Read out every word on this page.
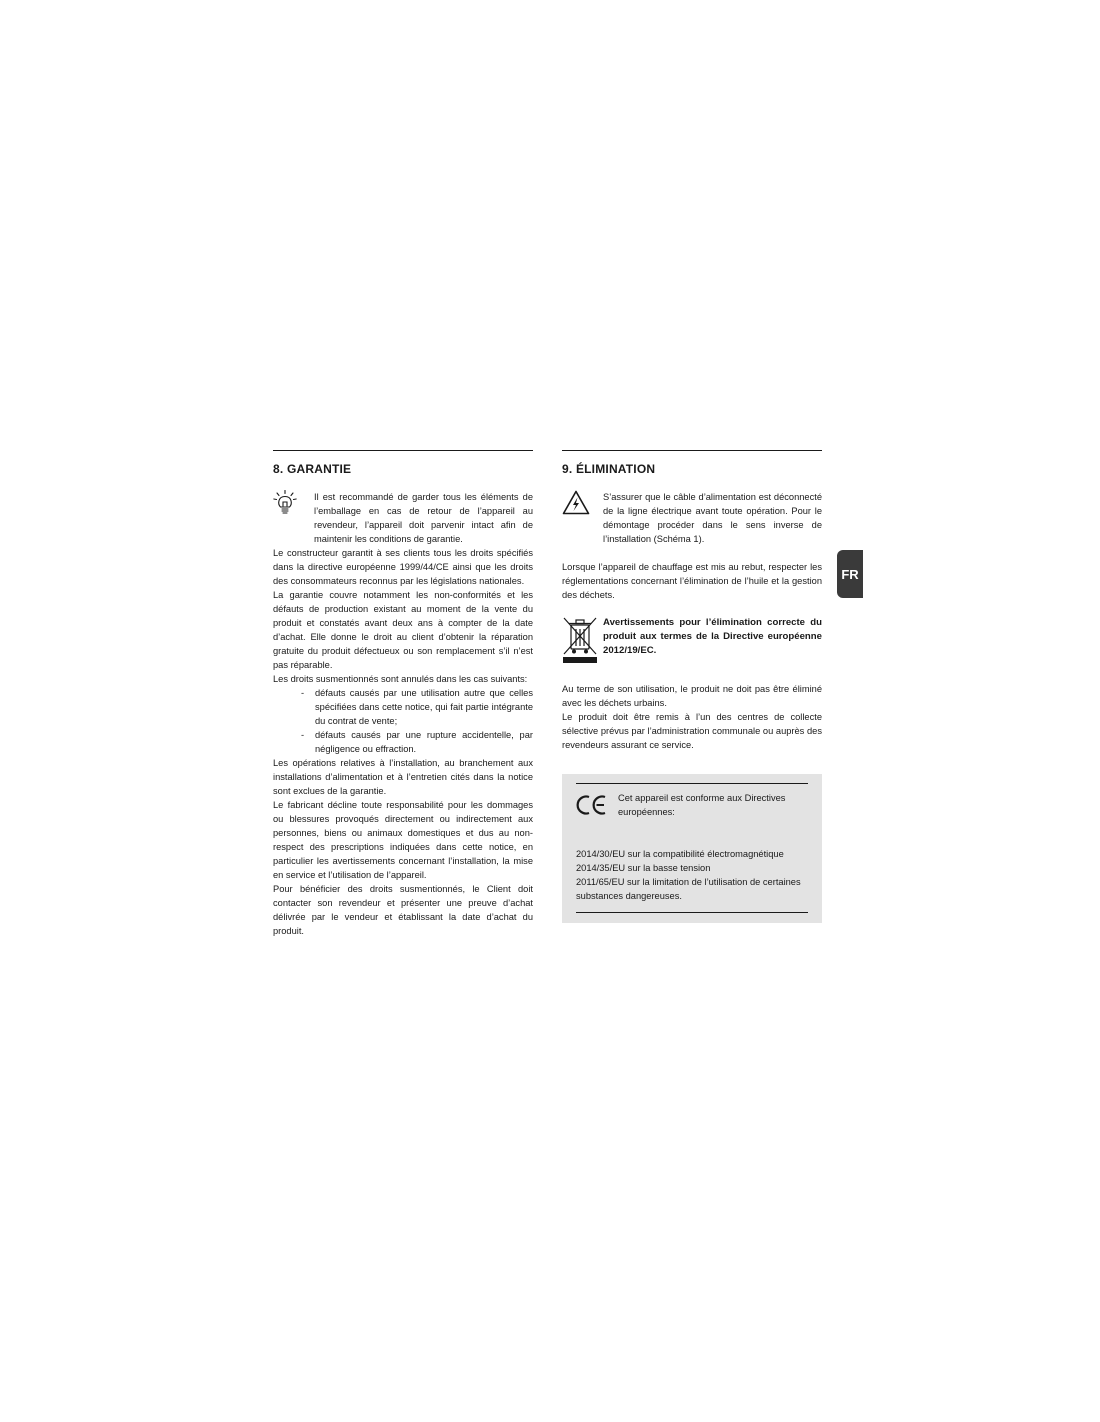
8. GARANTIE

Il est recommandé de garder tous les éléments de l’emballage en cas de retour de l’appareil au revendeur, l’appareil doit parvenir intact afin de maintenir les conditions de garantie.

Le constructeur garantit à ses clients tous les droits spécifiés dans la directive européenne 1999/44/CE ainsi que les droits des consommateurs reconnus par les législations nationales.

La garantie couvre notamment les non-conformités et les défauts de production existant au moment de la vente du produit et constatés avant deux ans à compter de la date d’achat. Elle donne le droit au client d’obtenir la réparation gratuite du produit défectueux ou son remplacement s’il n’est pas réparable.

Les droits susmentionnés sont annulés dans les cas suivants:

- défauts causés par une utilisation autre que celles spécifiées dans cette notice, qui fait partie intégrante du contrat de vente;
- défauts causés par une rupture accidentelle, par négligence ou effraction.

Les opérations relatives à l’installation, au branchement aux installations d’alimentation et à l’entretien cités dans la notice sont exclues de la garantie.

Le fabricant décline toute responsabilité pour les dommages ou blessures provoqués directement ou indirectement aux personnes, biens ou animaux domestiques et dus au non-respect des prescriptions indiquées dans cette notice, en particulier les avertissements concernant l’installation, la mise en service et l’utilisation de l’appareil.

Pour bénéficier des droits susmentionnés, le Client doit contacter son revendeur et présenter une preuve d’achat délivrée par le vendeur et établissant la date d’achat du produit.

9. ÉLIMINATION

S’assurer que le câble d’alimentation est déconnecté de la ligne électrique avant toute opération. Pour le démontage procéder dans le sens inverse de l’installation (Schéma 1).

Lorsque l’appareil de chauffage est mis au rebut, respecter les réglementations concernant l’élimination de l’huile et la gestion des déchets.

Avertissements pour l’élimination correcte du produit aux termes de la Directive européenne 2012/19/EC.

Au terme de son utilisation, le produit ne doit pas être éliminé avec les déchets urbains.

Le produit doit être remis à l’un des centres de collecte sélective prévus par l’administration communale ou auprès des revendeurs assurant ce service.

Cet appareil est conforme aux Directives européennes:

2014/30/EU sur la compatibilité électromagnétique

2014/35/EU sur la basse tension

2011/65/EU sur la limitation de l’utilisation de certaines substances dangereuses.

FR
